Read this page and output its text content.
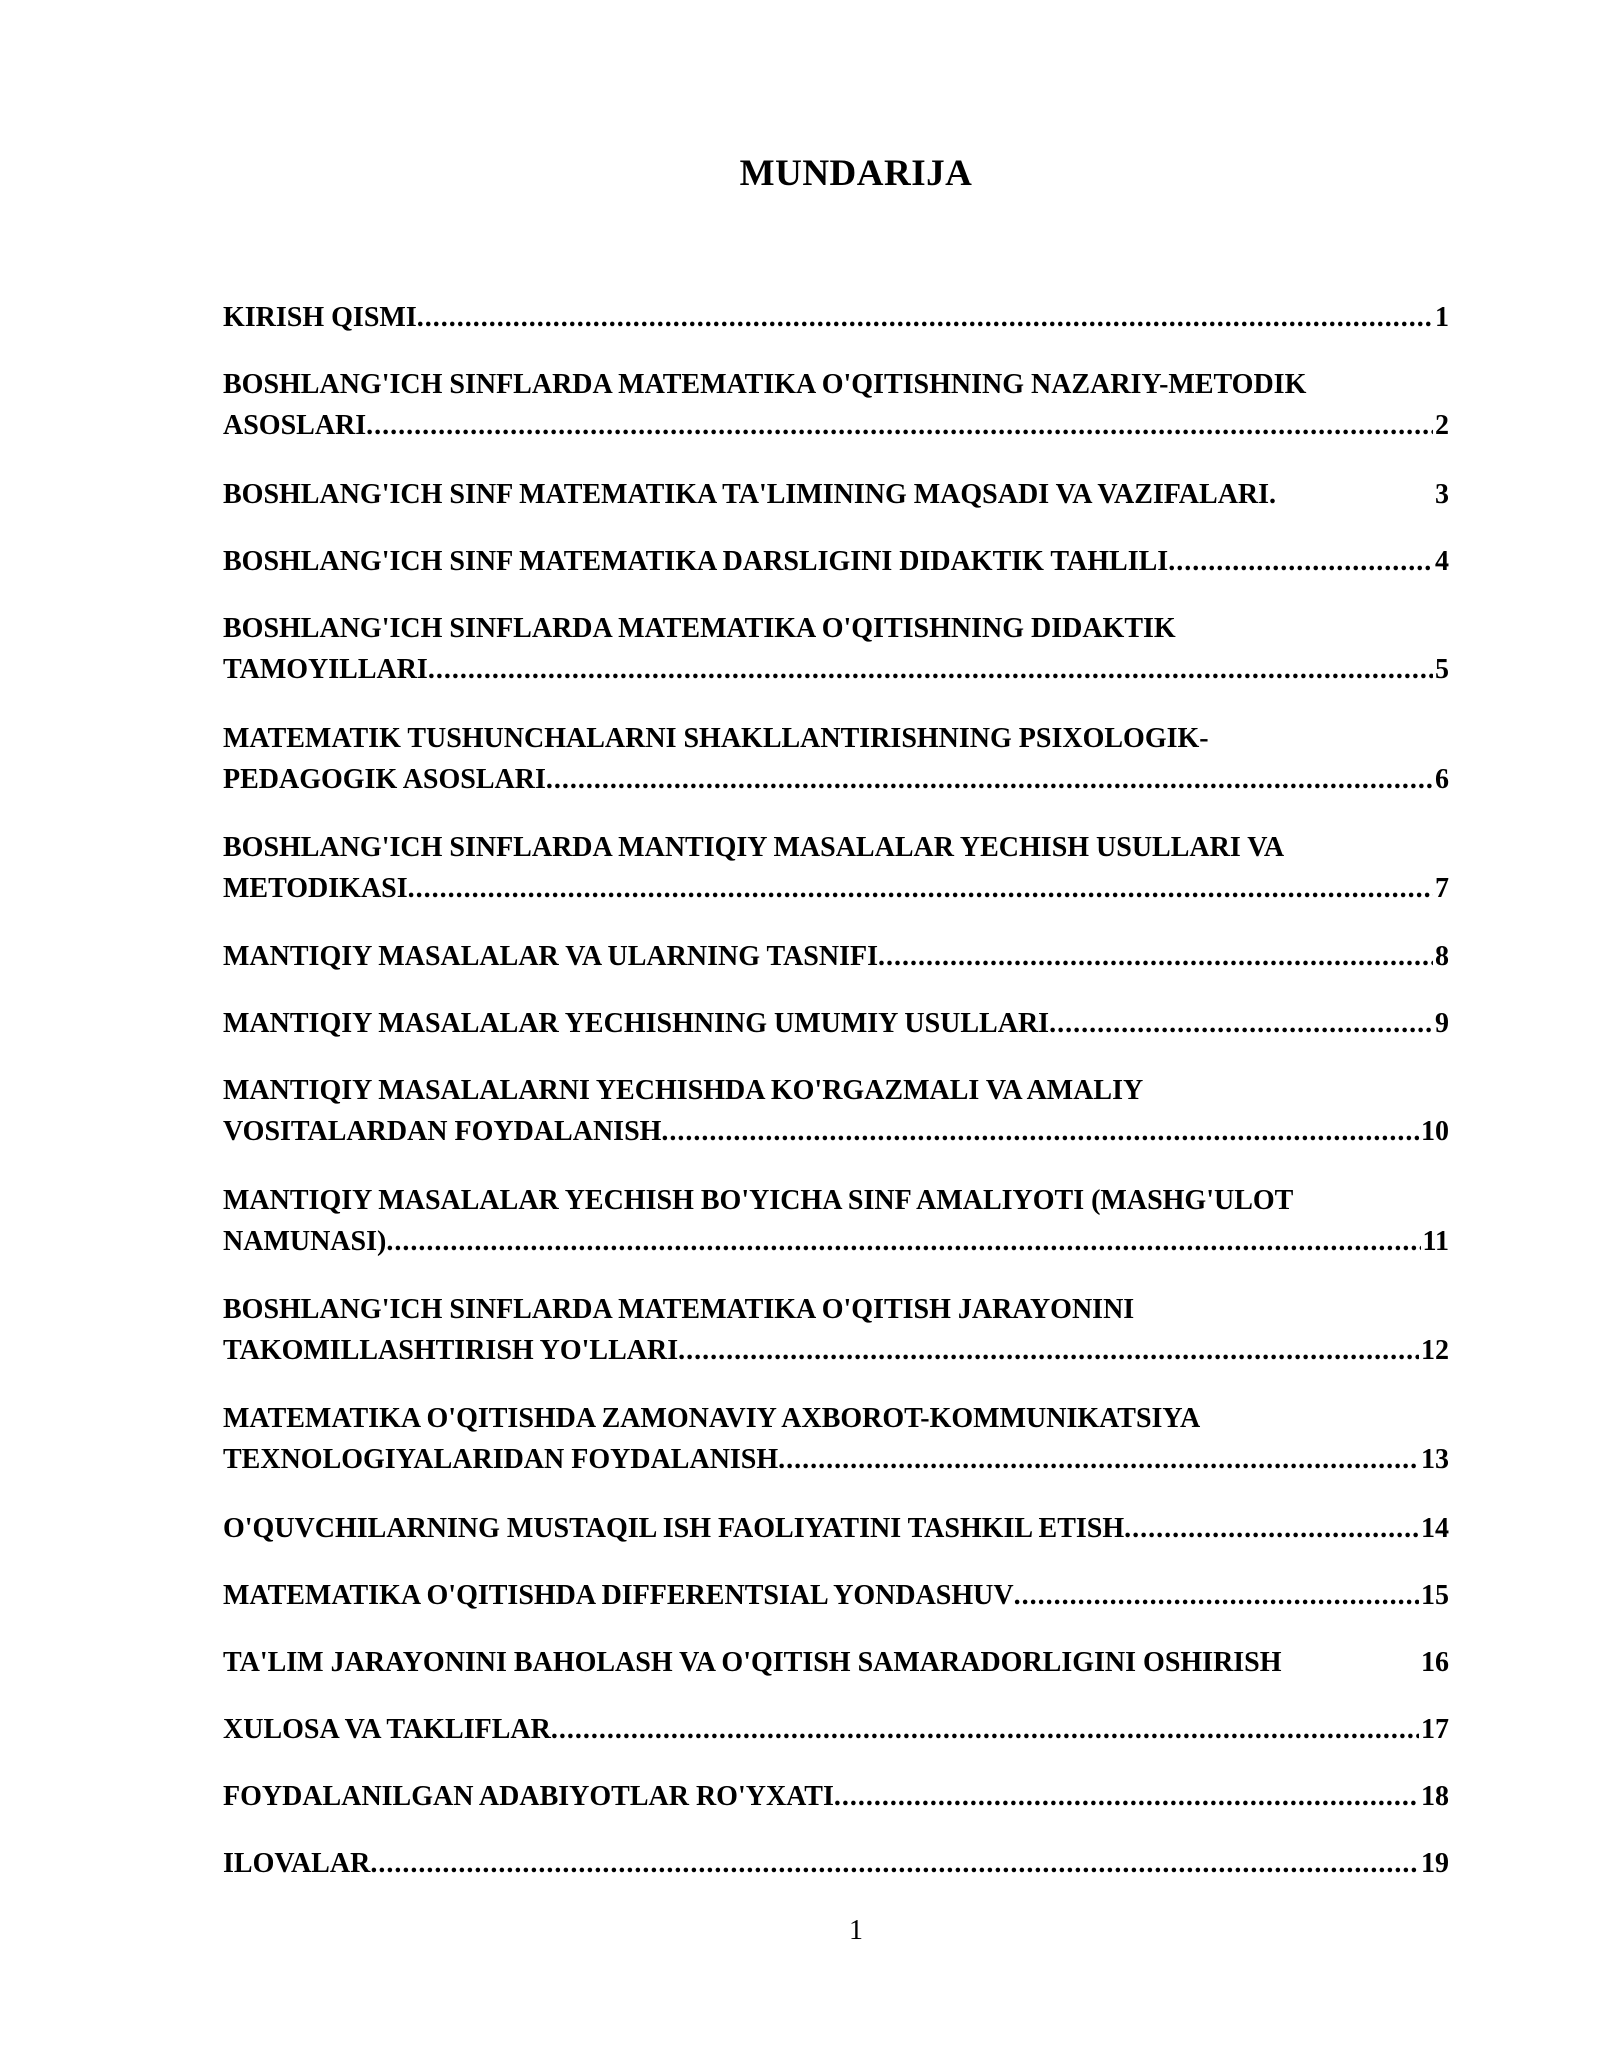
MUNDARIJA
KIRISH QISMI .....	1
BOSHLANG'ICH SINFLARDA MATEMATIKA O'QITISHNING NAZARIY-METODIK
ASOSLARI .....	2
BOSHLANG'ICH SINF MATEMATIKA TA'LIMINING MAQSADI VA VAZIFALARI.	3
BOSHLANG'ICH SINF MATEMATIKA DARSLIGINI DIDAKTIK TAHLILI .....	4
BOSHLANG'ICH SINFLARDA MATEMATIKA O'QITISHNING DIDAKTIK
TAMOYILLARI .....	5
MATEMATIK TUSHUNCHALARNI SHAKLLANTIRISHNING PSIXOLOGIK-
PEDAGOGIK ASOSLARI .....	6
BOSHLANG'ICH SINFLARDA MANTIQIY MASALALAR YECHISH USULLARI VA
METODIKASI .....	7
MANTIQIY MASALALAR VA ULARNING TASNIFI .....	8
MANTIQIY MASALALAR YECHISHNING UMUMIY USULLARI .....	9
MANTIQIY MASALALARNI YECHISHDA KO'RGAZMALI VA AMALIY
VOSITALARDAN FOYDALANISH .....	10
MANTIQIY MASALALAR YECHISH BO'YICHA SINF AMALIYOTI (MASHG'ULOT
NAMUNASI) .....	11
BOSHLANG'ICH SINFLARDA MATEMATIKA O'QITISH JARAYONINI
TAKOMILLASHTIRISH YO'LLARI .....	12
MATEMATIKA O'QITISHDA ZAMONAVIY AXBOROT-KOMMUNIKATSIYA
TEXNOLOGIYALARIDAN FOYDALANISH .....	13
O'QUVCHILARNING MUSTAQIL ISH FAOLIYATINI TASHKIL ETISH .....	14
MATEMATIKA O'QITISHDA DIFFERENTSIAL YONDASHUV .....	15
TA'LIM JARAYONINI BAHOLASH VA O'QITISH SAMARADORLIGINI OSHIRISH	16
XULOSA VA TAKLIFLAR .....	17
FOYDALANILGAN ADABIYOTLAR RO'YXATI .....	18
ILOVALAR .....	19
1
